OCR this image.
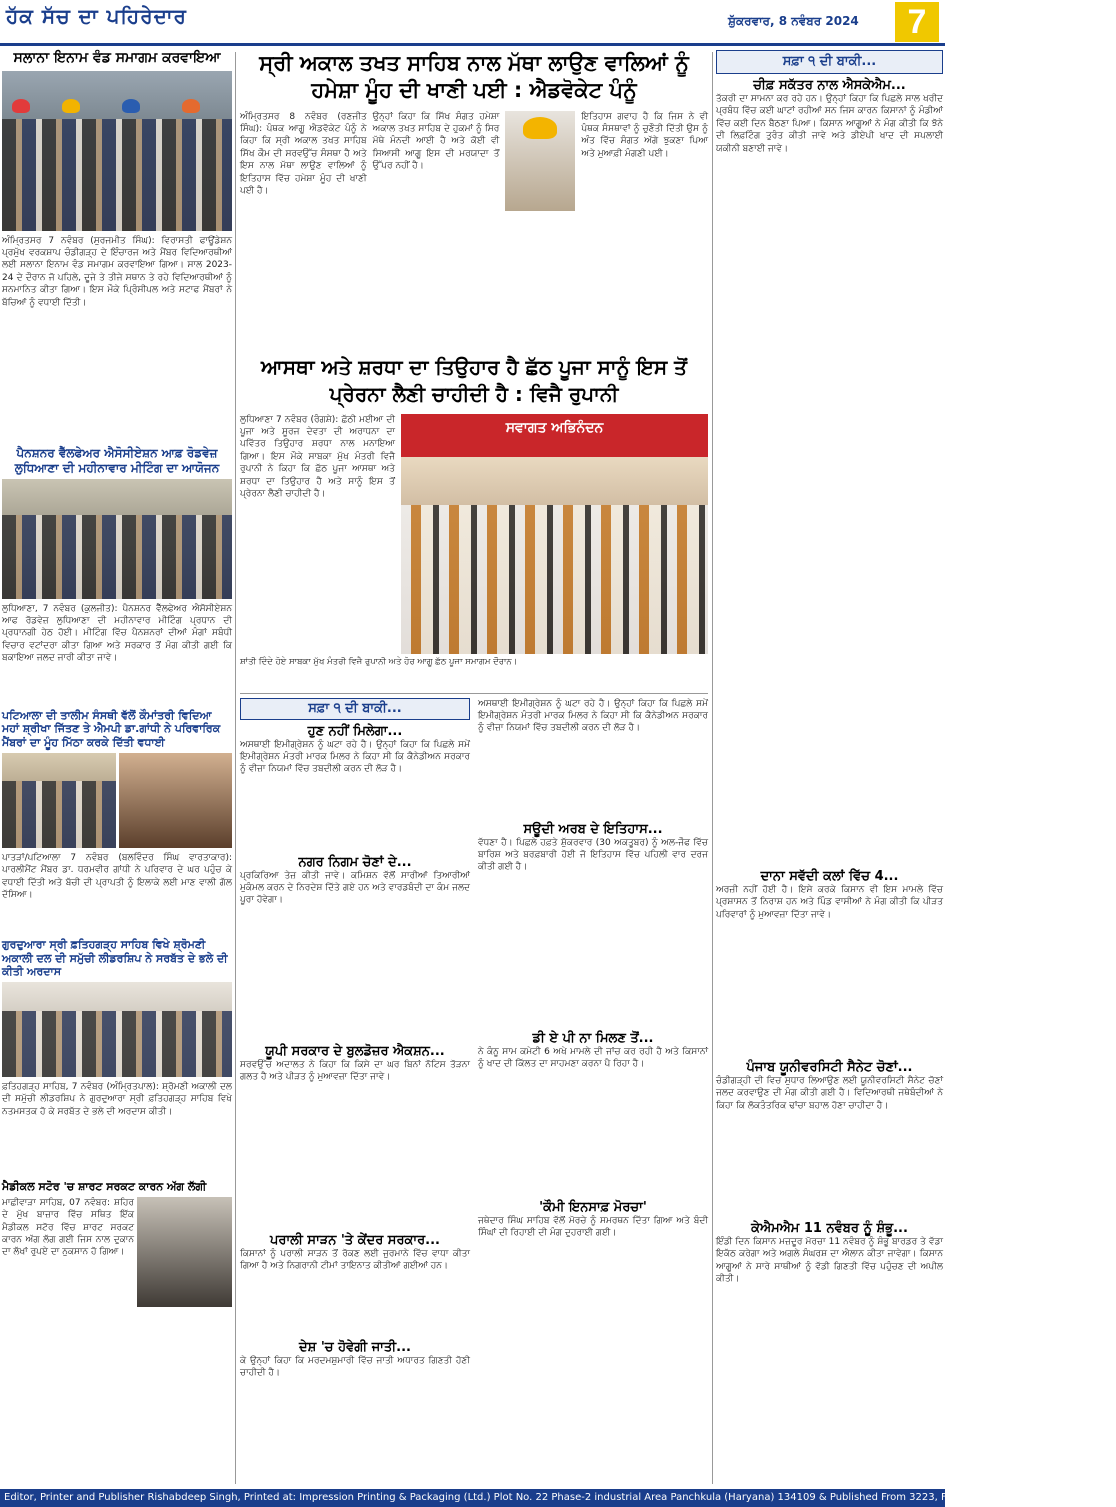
ਹੱਕ ਸੱਚ ਦਾ ਪਹਿਰੇਦਾਰ	ਸ਼ੁੱਕਰਵਾਰ, 8 ਨਵੰਬਰ 2024	7
ਸਲਾਨਾ ਇਨਾਮ ਵੰਡ ਸਮਾਗਮ ਕਰਵਾਇਆ
ਅੰਮ੍ਰਿਤਸਰ 7 ਨਵੰਬਰ (ਸੁਰਜਮੀਤ ਸਿੰਘ): ਵਿਰਾਸਤੀ ਫਾਊਂਡੇਸ਼ਨ ਪ੍ਰਮੁੱਖ ਵਰਕਸ਼ਾਪ ਚੰਡੀਗੜ੍ਹ ਦੇ ਇੰਚਾਰਜ ਅਤੇ ਮੈਂਬਰ ਵਿਦਿਆਰਥੀਆਂ ਲਈ ਸਲਾਨਾ ਇਨਾਮ ਵੰਡ ਸਮਾਗਮ ਕਰਵਾਇਆ ਗਿਆ। ਸਾਲ 2023-24 ਦੇ ਦੌਰਾਨ ਜੋ ਪਹਿਲੇ, ਦੂਜੇ ਤੇ ਤੀਜੇ ਸਥਾਨ ਤੇ ਰਹੇ ਵਿਦਿਆਰਥੀਆਂ ਨੂੰ ਸਨਮਾਨਿਤ ਕੀਤਾ ਗਿਆ। ਇਸ ਮੌਕੇ ਪ੍ਰਿੰਸੀਪਲ ਅਤੇ ਸਟਾਫ ਮੈਂਬਰਾਂ ਨੇ ਬੱਚਿਆਂ ਨੂੰ ਵਧਾਈ ਦਿੱਤੀ।
ਪੈਨਸ਼ਨਰ ਵੈੱਲਫੇਅਰ ਐਸੋਸੀਏਸ਼ਨ ਆਫ਼ ਰੋਡਵੇਜ਼ ਲੁਧਿਆਣਾ ਦੀ ਮਹੀਨਾਵਾਰ ਮੀਟਿੰਗ ਦਾ ਆਯੋਜਨ
ਲੁਧਿਆਣਾ, 7 ਨਵੰਬਰ (ਕੁਲਜੀਤ): ਪੈਨਸ਼ਨਰ ਵੈੱਲਫੇਅਰ ਐਸੋਸੀਏਸ਼ਨ ਆਫ ਰੋਡਵੇਜ਼ ਲੁਧਿਆਣਾ ਦੀ ਮਹੀਨਾਵਾਰ ਮੀਟਿੰਗ ਪ੍ਰਧਾਨ ਦੀ ਪ੍ਰਧਾਨਗੀ ਹੇਠ ਹੋਈ। ਮੀਟਿੰਗ ਵਿੱਚ ਪੈਨਸ਼ਨਰਾਂ ਦੀਆਂ ਮੰਗਾਂ ਸਬੰਧੀ ਵਿਚਾਰ ਵਟਾਂਦਰਾ ਕੀਤਾ ਗਿਆ ਅਤੇ ਸਰਕਾਰ ਤੋਂ ਮੰਗ ਕੀਤੀ ਗਈ ਕਿ ਬਕਾਇਆ ਜਲਦ ਜਾਰੀ ਕੀਤਾ ਜਾਵੇ।
ਪਟਿਆਲਾ ਦੀ ਤਾਲੀਮ ਸੰਸਥੀ ਵੱਲੋਂ ਕੌਮਾਂਤਰੀ ਵਿਦਿਆ ਮਹਾਂ ਸ਼੍ਰੀਖਾ ਜਿੱਤਣ ਤੇ ਐਮਪੀ ਡਾ.ਗਾਂਧੀ ਨੇ ਪਰਿਵਾਰਿਕ ਮੈਂਬਰਾਂ ਦਾ ਮੂੰਹ ਮਿੱਠਾ ਕਰਕੇ ਦਿੱਤੀ ਵਧਾਈ
ਪਾਤੜਾਂ/ਪਟਿਆਲਾ 7 ਨਵੰਬਰ (ਬਲਵਿੰਦਰ ਸਿੰਘ ਵਾਰਤਾਕਾਰ): ਪਾਰਲੀਮੈਂਟ ਮੈਂਬਰ ਡਾ. ਧਰਮਵੀਰ ਗਾਂਧੀ ਨੇ ਪਰਿਵਾਰ ਦੇ ਘਰ ਪਹੁੰਚ ਕੇ ਵਧਾਈ ਦਿੱਤੀ ਅਤੇ ਬੱਚੀ ਦੀ ਪ੍ਰਾਪਤੀ ਨੂੰ ਇਲਾਕੇ ਲਈ ਮਾਣ ਵਾਲੀ ਗੱਲ ਦੱਸਿਆ।
ਗੁਰਦੁਆਰਾ ਸ੍ਰੀ ਫ਼ਤਿਹਗੜ੍ਹ ਸਾਹਿਬ ਵਿਖੇ ਸ਼੍ਰੋਮਣੀ ਅਕਾਲੀ ਦਲ ਦੀ ਸਮੁੱਚੀ ਲੀਡਰਸ਼ਿਪ ਨੇ ਸਰਬੱਤ ਦੇ ਭਲੇ ਦੀ ਕੀਤੀ ਅਰਦਾਸ
ਫ਼ਤਿਹਗੜ੍ਹ ਸਾਹਿਬ, 7 ਨਵੰਬਰ (ਅੰਮ੍ਰਿਤਪਾਲ): ਸ਼੍ਰੋਮਣੀ ਅਕਾਲੀ ਦਲ ਦੀ ਸਮੁੱਚੀ ਲੀਡਰਸ਼ਿਪ ਨੇ ਗੁਰਦੁਆਰਾ ਸ੍ਰੀ ਫ਼ਤਿਹਗੜ੍ਹ ਸਾਹਿਬ ਵਿਖੇ ਨਤਮਸਤਕ ਹੋ ਕੇ ਸਰਬੱਤ ਦੇ ਭਲੇ ਦੀ ਅਰਦਾਸ ਕੀਤੀ।
ਮੈਡੀਕਲ ਸਟੋਰ 'ਚ ਸ਼ਾਰਟ ਸਰਕਟ ਕਾਰਨ ਅੱਗ ਲੱਗੀ
ਮਾਛੀਵਾੜਾ ਸਾਹਿਬ, 07 ਨਵੰਬਰ: ਸ਼ਹਿਰ ਦੇ ਮੁੱਖ ਬਾਜ਼ਾਰ ਵਿੱਚ ਸਥਿਤ ਇੱਕ ਮੈਡੀਕਲ ਸਟੋਰ ਵਿੱਚ ਸ਼ਾਰਟ ਸਰਕਟ ਕਾਰਨ ਅੱਗ ਲੱਗ ਗਈ ਜਿਸ ਨਾਲ ਦੁਕਾਨ ਦਾ ਲੱਖਾਂ ਰੁਪਏ ਦਾ ਨੁਕਸਾਨ ਹੋ ਗਿਆ।
ਸ੍ਰੀ ਅਕਾਲ ਤਖਤ ਸਾਹਿਬ ਨਾਲ ਮੱਥਾ ਲਾਉਣ ਵਾਲਿਆਂ ਨੂੰ ਹਮੇਸ਼ਾ ਮੂੰਹ ਦੀ ਖਾਣੀ ਪਈ : ਐਡਵੋਕੇਟ ਪੰਨੂੰ
ਅੰਮ੍ਰਿਤਸਰ 8 ਨਵੰਬਰ (ਰਣਜੀਤ ਸਿੰਘ): ਪੰਥਕ ਆਗੂ ਐਡਵੋਕੇਟ ਪੰਨੂੰ ਨੇ ਕਿਹਾ ਕਿ ਸ੍ਰੀ ਅਕਾਲ ਤਖਤ ਸਾਹਿਬ ਸਿੱਖ ਕੌਮ ਦੀ ਸਰਵਉੱਚ ਸੰਸਥਾ ਹੈ ਅਤੇ ਇਸ ਨਾਲ ਮੱਥਾ ਲਾਉਣ ਵਾਲਿਆਂ ਨੂੰ ਇਤਿਹਾਸ ਵਿੱਚ ਹਮੇਸ਼ਾ ਮੂੰਹ ਦੀ ਖਾਣੀ ਪਈ ਹੈ।
ਉਨ੍ਹਾਂ ਕਿਹਾ ਕਿ ਸਿੱਖ ਸੰਗਤ ਹਮੇਸ਼ਾ ਅਕਾਲ ਤਖਤ ਸਾਹਿਬ ਦੇ ਹੁਕਮਾਂ ਨੂੰ ਸਿਰ ਮੱਥੇ ਮੰਨਦੀ ਆਈ ਹੈ ਅਤੇ ਕੋਈ ਵੀ ਸਿਆਸੀ ਆਗੂ ਇਸ ਦੀ ਮਰਯਾਦਾ ਤੋਂ ਉੱਪਰ ਨਹੀਂ ਹੈ।
ਇਤਿਹਾਸ ਗਵਾਹ ਹੈ ਕਿ ਜਿਸ ਨੇ ਵੀ ਪੰਥਕ ਸੰਸਥਾਵਾਂ ਨੂੰ ਚੁਣੌਤੀ ਦਿੱਤੀ ਉਸ ਨੂੰ ਅੰਤ ਵਿੱਚ ਸੰਗਤ ਅੱਗੇ ਝੁਕਣਾ ਪਿਆ ਅਤੇ ਮੁਆਫ਼ੀ ਮੰਗਣੀ ਪਈ।
ਆਸਥਾ ਅਤੇ ਸ਼ਰਧਾ ਦਾ ਤਿਉਹਾਰ ਹੈ ਛੱਠ ਪੂਜਾ ਸਾਨੂੰ ਇਸ ਤੋਂ ਪ੍ਰੇਰਨਾ ਲੈਣੀ ਚਾਹੀਦੀ ਹੈ : ਵਿਜੈ ਰੁਪਾਨੀ
ਲੁਧਿਆਣਾ 7 ਨਵੰਬਰ (ਰੰਗਸ਼ੇ): ਛੱਠੀ ਮਈਆ ਦੀ ਪੂਜਾ ਅਤੇ ਸੂਰਜ ਦੇਵਤਾ ਦੀ ਅਰਾਧਨਾ ਦਾ ਪਵਿੱਤਰ ਤਿਉਹਾਰ ਸ਼ਰਧਾ ਨਾਲ ਮਨਾਇਆ ਗਿਆ। ਇਸ ਮੌਕੇ ਸਾਬਕਾ ਮੁੱਖ ਮੰਤਰੀ ਵਿਜੈ ਰੁਪਾਨੀ ਨੇ ਕਿਹਾ ਕਿ ਛੱਠ ਪੂਜਾ ਆਸਥਾ ਅਤੇ ਸ਼ਰਧਾ ਦਾ ਤਿਉਹਾਰ ਹੈ ਅਤੇ ਸਾਨੂੰ ਇਸ ਤੋਂ ਪ੍ਰੇਰਨਾ ਲੈਣੀ ਚਾਹੀਦੀ ਹੈ।
ਸਵਾਗਤ ਅਭਿਨੰਦਨ
ਸ਼ਾਂਤੀ ਦਿੰਦੇ ਹੋਏ ਸਾਬਕਾ ਮੁੱਖ ਮੰਤਰੀ ਵਿਜੈ ਰੁਪਾਨੀ ਅਤੇ ਹੋਰ ਆਗੂ ਛੱਠ ਪੂਜਾ ਸਮਾਗਮ ਦੌਰਾਨ।
ਸਫ਼ਾ ੧ ਦੀ ਬਾਕੀ...
ਹੁਣ ਨਹੀਂ ਮਿਲੇਗਾ...
ਅਸਥਾਈ ਇਮੀਗ੍ਰੇਸ਼ਨ ਨੂੰ ਘਟਾ ਰਹੇ ਹੈ। ਉਨ੍ਹਾਂ ਕਿਹਾ ਕਿ ਪਿਛਲੇ ਸਮੇਂ ਇਮੀਗ੍ਰੇਸ਼ਨ ਮੰਤਰੀ ਮਾਰਕ ਮਿਲਰ ਨੇ ਕਿਹਾ ਸੀ ਕਿ ਕੈਨੇਡੀਅਨ ਸਰਕਾਰ ਨੂੰ ਵੀਜ਼ਾ ਨਿਯਮਾਂ ਵਿੱਚ ਤਬਦੀਲੀ ਕਰਨ ਦੀ ਲੋੜ ਹੈ।
ਨਗਰ ਨਿਗਮ ਚੋਣਾਂ ਦੇ...
ਪ੍ਰਕਿਰਿਆ ਤੇਜ਼ ਕੀਤੀ ਜਾਵੇ। ਕਮਿਸ਼ਨ ਵੱਲੋਂ ਸਾਰੀਆਂ ਤਿਆਰੀਆਂ ਮੁਕੰਮਲ ਕਰਨ ਦੇ ਨਿਰਦੇਸ਼ ਦਿੱਤੇ ਗਏ ਹਨ ਅਤੇ ਵਾਰਡਬੰਦੀ ਦਾ ਕੰਮ ਜਲਦ ਪੂਰਾ ਹੋਵੇਗਾ।
ਯੂਪੀ ਸਰਕਾਰ ਦੇ ਬੁਲਡੋਜ਼ਰ ਐਕਸ਼ਨ...
ਸਰਵਉੱਚ ਅਦਾਲਤ ਨੇ ਕਿਹਾ ਕਿ ਕਿਸੇ ਦਾ ਘਰ ਬਿਨਾਂ ਨੋਟਿਸ ਤੋੜਨਾ ਗਲਤ ਹੈ ਅਤੇ ਪੀੜਤ ਨੂੰ ਮੁਆਵਜ਼ਾ ਦਿੱਤਾ ਜਾਵੇ।
ਪਰਾਲੀ ਸਾੜਨ 'ਤੇ ਕੇਂਦਰ ਸਰਕਾਰ...
ਕਿਸਾਨਾਂ ਨੂੰ ਪਰਾਲੀ ਸਾੜਨ ਤੋਂ ਰੋਕਣ ਲਈ ਜੁਰਮਾਨੇ ਵਿੱਚ ਵਾਧਾ ਕੀਤਾ ਗਿਆ ਹੈ ਅਤੇ ਨਿਗਰਾਨੀ ਟੀਮਾਂ ਤਾਇਨਾਤ ਕੀਤੀਆਂ ਗਈਆਂ ਹਨ।
ਦੇਸ਼ 'ਚ ਹੋਵੇਗੀ ਜਾਤੀ...
ਕੇ ਉਨ੍ਹਾਂ ਕਿਹਾ ਕਿ ਮਰਦਮਸ਼ੁਮਾਰੀ ਵਿੱਚ ਜਾਤੀ ਅਧਾਰਤ ਗਿਣਤੀ ਹੋਣੀ ਚਾਹੀਦੀ ਹੈ।
ਅਸਥਾਈ ਇਮੀਗ੍ਰੇਸ਼ਨ ਨੂੰ ਘਟਾ ਰਹੇ ਹੈ। ਉਨ੍ਹਾਂ ਕਿਹਾ ਕਿ ਪਿਛਲੇ ਸਮੇਂ ਇਮੀਗ੍ਰੇਸ਼ਨ ਮੰਤਰੀ ਮਾਰਕ ਮਿਲਰ ਨੇ ਕਿਹਾ ਸੀ ਕਿ ਕੈਨੇਡੀਅਨ ਸਰਕਾਰ ਨੂੰ ਵੀਜ਼ਾ ਨਿਯਮਾਂ ਵਿੱਚ ਤਬਦੀਲੀ ਕਰਨ ਦੀ ਲੋੜ ਹੈ।
ਸਊਦੀ ਅਰਬ ਦੇ ਇਤਿਹਾਸ...
ਵੱਧਣਾ ਹੈ। ਪਿਛਲੇ ਹਫ਼ਤੇ ਸ਼ੁੱਕਰਵਾਰ (30 ਅਕਤੂਬਰ) ਨੂੰ ਅਲ-ਜੌਫ ਵਿੱਚ ਬਾਰਿਸ਼ ਅਤੇ ਬਰਫ਼ਬਾਰੀ ਹੋਈ ਜੋ ਇਤਿਹਾਸ ਵਿੱਚ ਪਹਿਲੀ ਵਾਰ ਦਰਜ ਕੀਤੀ ਗਈ ਹੈ।
ਡੀ ਏ ਪੀ ਨਾ ਮਿਲਣ ਤੋਂ...
ਨੇ ਕੰਨੂ ਸਾਮ ਕਮੇਟੀ 6 ਅਖੇ ਮਾਮਲੇ ਦੀ ਜਾਂਚ ਕਰ ਰਹੀ ਹੈ ਅਤੇ ਕਿਸਾਨਾਂ ਨੂੰ ਖਾਦ ਦੀ ਕਿੱਲਤ ਦਾ ਸਾਹਮਣਾ ਕਰਨਾ ਪੈ ਰਿਹਾ ਹੈ।
'ਕੌਮੀ ਇਨਸਾਫ਼ ਮੋਰਚਾ'
ਜਥੇਦਾਰ ਸਿੰਘ ਸਾਹਿਬ ਵੱਲੋਂ ਮੋਰਚੇ ਨੂੰ ਸਮਰਥਨ ਦਿੱਤਾ ਗਿਆ ਅਤੇ ਬੰਦੀ ਸਿੰਘਾਂ ਦੀ ਰਿਹਾਈ ਦੀ ਮੰਗ ਦੁਹਰਾਈ ਗਈ।
ਸਫ਼ਾ ੧ ਦੀ ਬਾਕੀ...
ਚੀਫ਼ ਸਕੱਤਰ ਨਾਲ ਐਸਕੇਐਮ...
ਤੱਕਰੀ ਦਾ ਸਾਮਨਾ ਕਰ ਰਹੇ ਹਨ। ਉਨ੍ਹਾਂ ਕਿਹਾ ਕਿ ਪਿਛਲੇ ਸਾਲ ਖਰੀਦ ਪ੍ਰਬੰਧ ਵਿੱਚ ਕਈ ਘਾਟਾਂ ਰਹੀਆਂ ਸਨ ਜਿਸ ਕਾਰਨ ਕਿਸਾਨਾਂ ਨੂੰ ਮੰਡੀਆਂ ਵਿੱਚ ਕਈ ਦਿਨ ਬੈਠਣਾ ਪਿਆ। ਕਿਸਾਨ ਆਗੂਆਂ ਨੇ ਮੰਗ ਕੀਤੀ ਕਿ ਝੋਨੇ ਦੀ ਲਿਫ਼ਟਿੰਗ ਤੁਰੰਤ ਕੀਤੀ ਜਾਵੇ ਅਤੇ ਡੀਏਪੀ ਖਾਦ ਦੀ ਸਪਲਾਈ ਯਕੀਨੀ ਬਣਾਈ ਜਾਵੇ।
ਦਾਨਾ ਸਵੱਦੀ ਕਲਾਂ ਵਿੱਚ 4...
ਅਰਜ਼ੀ ਨਹੀਂ ਹੋਈ ਹੈ। ਇਸੇ ਕਰਕੇ ਕਿਸਾਨ ਵੀ ਇਸ ਮਾਮਲੇ ਵਿੱਚ ਪ੍ਰਸ਼ਾਸਨ ਤੋਂ ਨਿਰਾਸ਼ ਹਨ ਅਤੇ ਪਿੰਡ ਵਾਸੀਆਂ ਨੇ ਮੰਗ ਕੀਤੀ ਕਿ ਪੀੜਤ ਪਰਿਵਾਰਾਂ ਨੂੰ ਮੁਆਵਜ਼ਾ ਦਿੱਤਾ ਜਾਵੇ।
ਪੰਜਾਬ ਯੂਨੀਵਰਸਿਟੀ ਸੈਨੇਟ ਚੋਣਾਂ...
ਚੰਡੀਗੜ੍ਹੀ ਦੀ ਵਿਚ ਸੁਧਾਰ ਲਿਆਉਣ ਲਈ ਯੂਨੀਵਰਸਿਟੀ ਸੈਨੇਟ ਚੋਣਾਂ ਜਲਦ ਕਰਵਾਉਣ ਦੀ ਮੰਗ ਕੀਤੀ ਗਈ ਹੈ। ਵਿਦਿਆਰਥੀ ਜਥੇਬੰਦੀਆਂ ਨੇ ਕਿਹਾ ਕਿ ਲੋਕਤੰਤਰਿਕ ਢਾਂਚਾ ਬਹਾਲ ਹੋਣਾ ਚਾਹੀਦਾ ਹੈ।
ਕੇਐਮਐਮ 11 ਨਵੰਬਰ ਨੂੰ ਸ਼ੰਭੂ...
ਇੰਡੀ ਦਿਨ ਕਿਸਾਨ ਮਜ਼ਦੂਰ ਮੋਰਚਾ 11 ਨਵੰਬਰ ਨੂੰ ਸ਼ੰਭੂ ਬਾਰਡਰ ਤੇ ਵੱਡਾ ਇਕੱਠ ਕਰੇਗਾ ਅਤੇ ਅਗਲੇ ਸੰਘਰਸ਼ ਦਾ ਐਲਾਨ ਕੀਤਾ ਜਾਵੇਗਾ। ਕਿਸਾਨ ਆਗੂਆਂ ਨੇ ਸਾਰੇ ਸਾਥੀਆਂ ਨੂੰ ਵੱਡੀ ਗਿਣਤੀ ਵਿੱਚ ਪਹੁੰਚਣ ਦੀ ਅਪੀਲ ਕੀਤੀ।
Editor, Printer and Publisher Rishabdeep Singh, Printed at: Impression Printing & Packaging (Ltd.) Plot No. 22 Phase-2 industrial Area Panchkula (Haryana) 134109 & Published From 3223, First Floor, Sector-35D, Chandigarh
